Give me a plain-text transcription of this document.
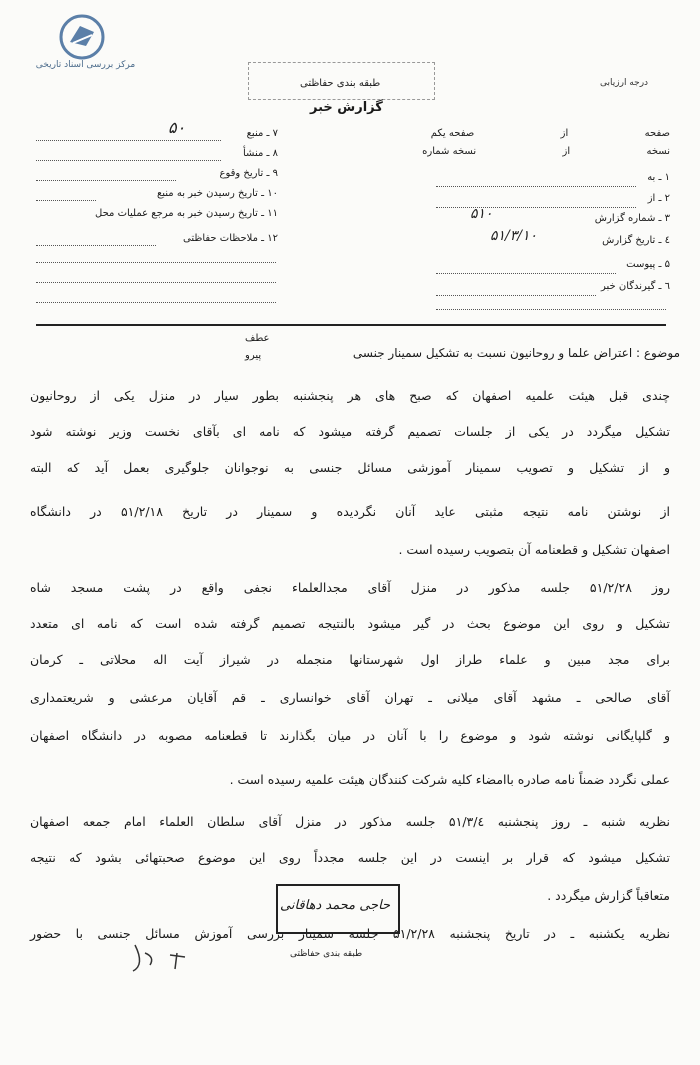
مرکز بررسی اسناد تاریخی
طبقه بندی حفاظتی	درجه ارزیابی
گزارش خبر
صفحه  از  صفحه یکم
نسخه  از  نسخه شماره
۱ ـ به
۲ ـ از
۳ ـ شماره گزارش
۵۱۰
٤ ـ تاریخ گزارش
۵۱/۳/۱۰
۵ ـ پیوست
٦ ـ گیرندگان خبر
۷ ـ منبع
۵۰
۸ ـ منشأ
۹ ـ تاریخ وقوع
۱۰ ـ تاریخ رسیدن خبر به منبع
۱۱ ـ تاریخ رسیدن خبر به مرجع عملیات محل
۱۲ ـ ملاحظات حفاظتی
عطف
پیرو	موضوع : اعتراض علما و روحانیون نسبت به تشکیل سمینار جنسی
چندی قبل هیئت علمیه اصفهان که صبح های هر پنجشنبه بطور سیار در منزل یکی از روحانیون
تشکیل میگردد در یکی از جلسات تصمیم گرفته میشود که نامه ای بآقای نخست وزیر نوشته شود
و از تشکیل و تصویب سمینار آموزشی مسائل جنسی به نوجوانان جلوگیری بعمل آید که البته
از نوشتن نامه نتیجه مثبتی عاید آنان نگردیده و سمینار در تاریخ ۵۱/۲/۱۸ در دانشگاه
اصفهان تشکیل و قطعنامه آن بتصویب رسیده است .
روز ۵۱/۲/۲۸ جلسه مذکور در منزل آقای مجدالعلماء نجفی واقع در پشت مسجد شاه
تشکیل و روی این موضوع بحث در گیر میشود بالنتیجه تصمیم گرفته شده است که نامه ای متعدد
برای مجد مبین و علماء طراز اول شهرستانها منجمله در شیراز آیت اله محلاتی ـ کرمان
آقای صالحی ـ مشهد آقای میلانی ـ تهران آقای خوانساری ـ قم آقایان مرعشی و شریعتمداری
و گلپایگانی نوشته شود و موضوع را با آنان در میان بگذارند تا قطعنامه مصوبه در دانشگاه اصفهان
عملی نگردد ضمناً نامه صادره باامضاء کلیه شرکت کنندگان هیئت علمیه رسیده است .
نظریه شنبه ـ روز پنجشنبه ۵۱/۳/٤ جلسه مذکور در منزل آقای سلطان العلماء امام جمعه اصفهان
تشکیل میشود که قرار بر اینست در این جلسه مجدداً روی این موضوع صحبتهائی بشود که نتیجه
متعاقباً گزارش میگردد .
نظریه یکشنبه ـ در تاریخ پنجشنبه ۵۱/۲/۲۸ جلسه سمینار بررسی آموزش مسائل جنسی با حضور
حاجی محمد دهاقانی
طبقه بندی حفاظتی
